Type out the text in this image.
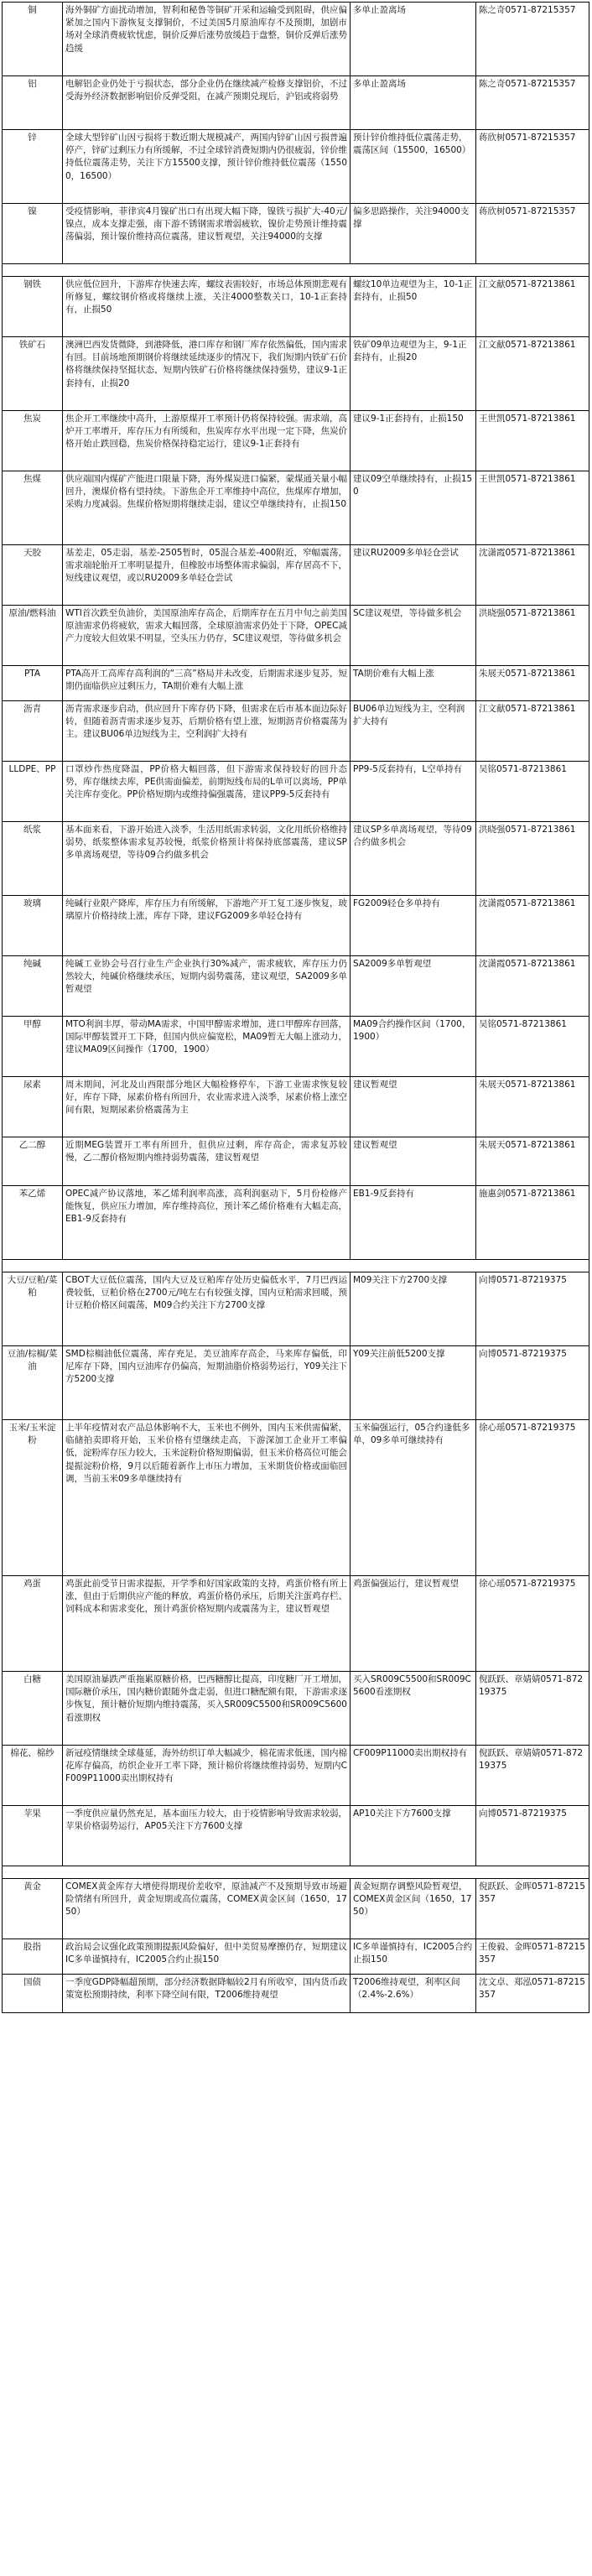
铜	海外铜矿方面扰动增加，智利和秘鲁等铜矿开采和运输受到阻碍，供应偏紧加之国内下游恢复支撑铜价，不过美国5月原油库存不及预期，加剧市场对全球消费疲软忧虑，铜价反弹后涨势放缓趋于盘整，铜价反弹后涨势趋缓	多单止盈离场	陈之奇0571-87215357
铝	电解铝企业仍处于亏损状态，部分企业仍在继续减产检修支撑铝价，不过受海外经济数据影响铝价反弹受阻，在减产预期兑现后，沪铝或将弱势	多单止盈离场	陈之奇0571-87215357
锌	全球大型锌矿山因亏损将于数近期大规模减产，两国内锌矿山因亏损普遍停产，锌矿过剩压力有所缓解，不过全球锌消费短期内仍很疲弱，锌价维持低位震荡走势，关注下方15500支撑，预计锌价维持低位震荡（15500，16500）	预计锌价维持低位震荡走势，震荡区间（15500，16500）	蒋欣树0571-87215357
镍	受疫情影响，菲律宾4月镍矿出口有出现大幅下降，镍铁亏损扩大-40元/镍点，成本支撑走强，南下游不锈钢需求增弱疲软，镍价走势预计维持震荡偏弱，预计镍价维持高位震荡，建议暂观望，关注94000的支撑	偏多思路操作，关注94000支撑	蒋欣树0571-87215357

钢铁	供应低位回升，下游库存快速去库，螺纹表需较好，市场总体预期悲观有所修复，螺纹钢价格或将继续上涨，关注4000整数关口，10-1正套持有，止损50	螺纹10单边观望为主，10-1正套持有，止损50	江文献0571-87213861
铁矿石	澳洲巴西发货微降，到港降低，港口库存和钢厂库存依然偏低，国内需求有回。目前场地预期钢价将继续延续逐步的情况下，我们短期内铁矿石价格将继续保持坚挺状态，短期内铁矿石价格将继续保持强势，建议9-1正套持有，止损20	铁矿09单边观望为主，9-1正套持有，止损20	江文献0571-87213861
焦炭	焦企开工率继续中高升，上游原煤开工率预计仍将保持较强。需求端，高炉开工率增开，库存压力有所缓和，焦炭库存水平出现一定下降，焦炭价格开始止跌回稳，焦炭价格保持稳定运行，建议9-1正套持有	建议9-1正套持有，止损150	王世凯0571-87213861
焦煤	供应端国内煤矿产能进口限量下降，海外煤炭进口偏紧，蒙煤通关量小幅回升，澳煤价格有望持续。下游焦企开工率维持中高位，焦煤库存增加，采购力度减弱。焦煤价格短期将继续走弱，建议空单继续持有，止损150	建议09空单继续持有，止损150	王世凯0571-87213861
天胶	基差走，05走弱，基差-2505暂时，05混合基差-400附近，窄幅震荡，需求端轮胎开工率明显提升，但橡胶市场整体需求偏弱，库存居高不下，短线建议观望，或以RU2009多单轻仓尝试	建议RU2009多单轻仓尝试	沈潇霞0571-87213861
原油/燃料油	WTI首次跌至负油价，美国原油库存高企，后期库存在五月中旬之前美国原油需求仍将疲软，需求大幅回落，全球原油需求仍处于下降，OPEC减产力度较大但效果不明显，空头压力仍存，SC建议观望，等待做多机会	SC建议观望，等待做多机会	洪晓强0571-87213861
PTA	PTA高开工高库存高利润的“三高”格局并未改变，后期需求逐步复苏，短期仍面临供应过剩压力，TA期价难有大幅上涨	TA期价难有大幅上涨	朱展天0571-87213861
沥青	沥青需求逐步启动，供应回升下库存仍下降，但需求在后市基本面边际好转，但随着沥青需求逐步复苏，后期价格有望上涨，短期沥青价格震荡为主。建议BU06单边短线为主，空利润扩大持有	BU06单边短线为主，空利润扩大持有	江文献0571-87213861
LLDPE、PP	口罩炒作热度降温，PP价格大幅回落，但下游需求保持较好的回升态势，库存继续去库，PE供需面偏差，前期短线布局的L单可以离场，PP单关注库存变化。PP价格短期内或维持偏强震荡，建议PP9-5反套持有	PP9-5反套持有，L空单持有	吴铭0571-87213861
纸浆	基本面来看，下游开始进入淡季，生活用纸需求转弱，文化用纸价格维持弱势，纸浆整体需求复苏较慢，纸浆价格预计将保持底部震荡，建议SP多单离场观望，等待09合约做多机会	建议SP多单离场观望，等待09合约做多机会	洪晓强0571-87213861
玻璃	纯碱行业限产降库，库存压力有所缓解，下游地产开工复工逐步恢复，玻璃原片价格持续上涨，库存下降，建议FG2009多单轻仓持有	FG2009轻仓多单持有	沈潇霞0571-87213861
纯碱	纯碱工业协会号召行业生产企业执行30%减产，需求疲软，库存压力仍然较大，纯碱价格继续承压，短期内弱势震荡，建议观望，SA2009多单暂观望	SA2009多单暂观望	沈潇霞0571-87213861
甲醇	MTO利润丰厚，带动MA需求，中国甲醇需求增加，进口甲醇库存回落，国际甲醇装置开工下降，但国内供应偏宽松，MA09暂无大幅上涨动力，建议MA09区间操作（1700，1900）	MA09合约操作区间（1700，1900）	吴铭0571-87213861
尿素	周末期间，河北及山西限部分地区大幅检修停车，下游工业需求恢复较好，库存下降，尿素价格有所回升，农业需求进入淡季，尿素价格上涨空间有限，短期尿素价格震荡为主	建议暂观望	朱展天0571-87213861
乙二醇	近期MEG装置开工率有所回升，但供应过剩，库存高企，需求复苏较慢，乙二醇价格短期内维持弱势震荡，建议暂观望	建议暂观望	朱展天0571-87213861
苯乙烯	OPEC减产协议落地，苯乙烯利润率高涨，高利润驱动下，5月份检修产能恢复，供应压力增加，库存维持高位，预计苯乙烯价格难有大幅走高，EB1-9反套持有	EB1-9反套持有	施惠剑0571-87213861

大豆/豆粕/菜粕	CBOT大豆低位震荡，国内大豆及豆粕库存处历史偏低水平，7月巴西运费较低，豆粕价格在2700元/吨左右有较强支撑，国内豆粕需求回暖，预计豆粕价格区间震荡，M09合约关注下方2700支撑	M09关注下方2700支撑	向博0571-87219375
豆油/棕榈/菜油	SMD棕榈油低位震荡，库存充足，美豆油库存高企，马来库存偏低，印尼库存下降，国内豆油库存仍偏高，短期油脂价格弱势运行，Y09关注下方5200支撑	Y09关注前低5200支撑	向博0571-87219375
玉米/玉米淀粉	上半年疫情对农产品总体影响不大，玉米也不例外，国内玉米供需偏紧，临储拍卖即将开始，玉米价格有望继续走高，下游深加工企业开工率偏低，淀粉库存压力较大，玉米淀粉价格短期偏弱，但玉米价格高位可能会提振淀粉价格，9月以后随着新作上市压力增加，玉米期货价格或面临回调，当前玉米09多单继续持有	玉米偏强运行，05合约逢低多单，09多单可继续持有	徐心瑶0571-87219375
鸡蛋	鸡蛋此前受节日需求提振，开学季和好国家政策的支持，鸡蛋价格有所上涨，但由于后期供应产能的释放，鸡蛋价格仍承压，后期关注蛋鸡存栏、饲料成本和需求变化，预计鸡蛋价格短期内或震荡为主，建议暂观望	鸡蛋偏强运行，建议暂观望	徐心瑶0571-87219375
白糖	美国原油暴跌严重拖累原糖价格，巴西糖醇比提高，印度糖厂开工增加，国际糖价承压，国内糖价跟随外盘走弱，但进口糖配额有限，下游需求逐步恢复，预计糖价短期内维持震荡，买入SR009C5500和SR009C5600看涨期权	买入SR009C5500和SR009C5600看涨期权	倪跃跃、章婧婧0571-87219375
棉花、棉纱	新冠疫情继续全球蔓延，海外纺织订单大幅减少，棉花需求低迷，国内棉花库存偏高，纺织企业开工率下降，预计棉价将继续维持弱势，短期内CF009P11000卖出期权持有	CF009P11000卖出期权持有	倪跃跃、章婧婧0571-87219375
苹果	一季度供应量仍然充足，基本面压力较大，由于疫情影响导致需求较弱，苹果价格弱势运行，AP05关注下方7600支撑	AP10关注下方7600支撑	向博0571-87219375

黄金	COMEX黄金库存大增使得期现价差收窄，原油减产不及预期导致市场避险情绪有所回升，黄金短期或高位震荡，COMEX黄金区间（1650，1750）	黄金短期存调整风险暂观望，COMEX黄金区间（1650，1750）	倪跃跃、金晖0571-87215357
股指	政治局会议强化政策预期提振风险偏好，但中美贸易摩擦仍存，短期建议IC多单谨慎持有，IC2005合约止损150	IC多单谨慎持有，IC2005合约止损150	王俊毅、金晖0571-87215357
国债	一季度GDP降幅超预期，部分经济数据降幅较2月有所收窄，国内货币政策宽松预期持续，利率下降空间有限，T2006维持观望	T2006维持观望，利率区间（2.4%-2.6%）	沈文卓、郑泓0571-87215357
